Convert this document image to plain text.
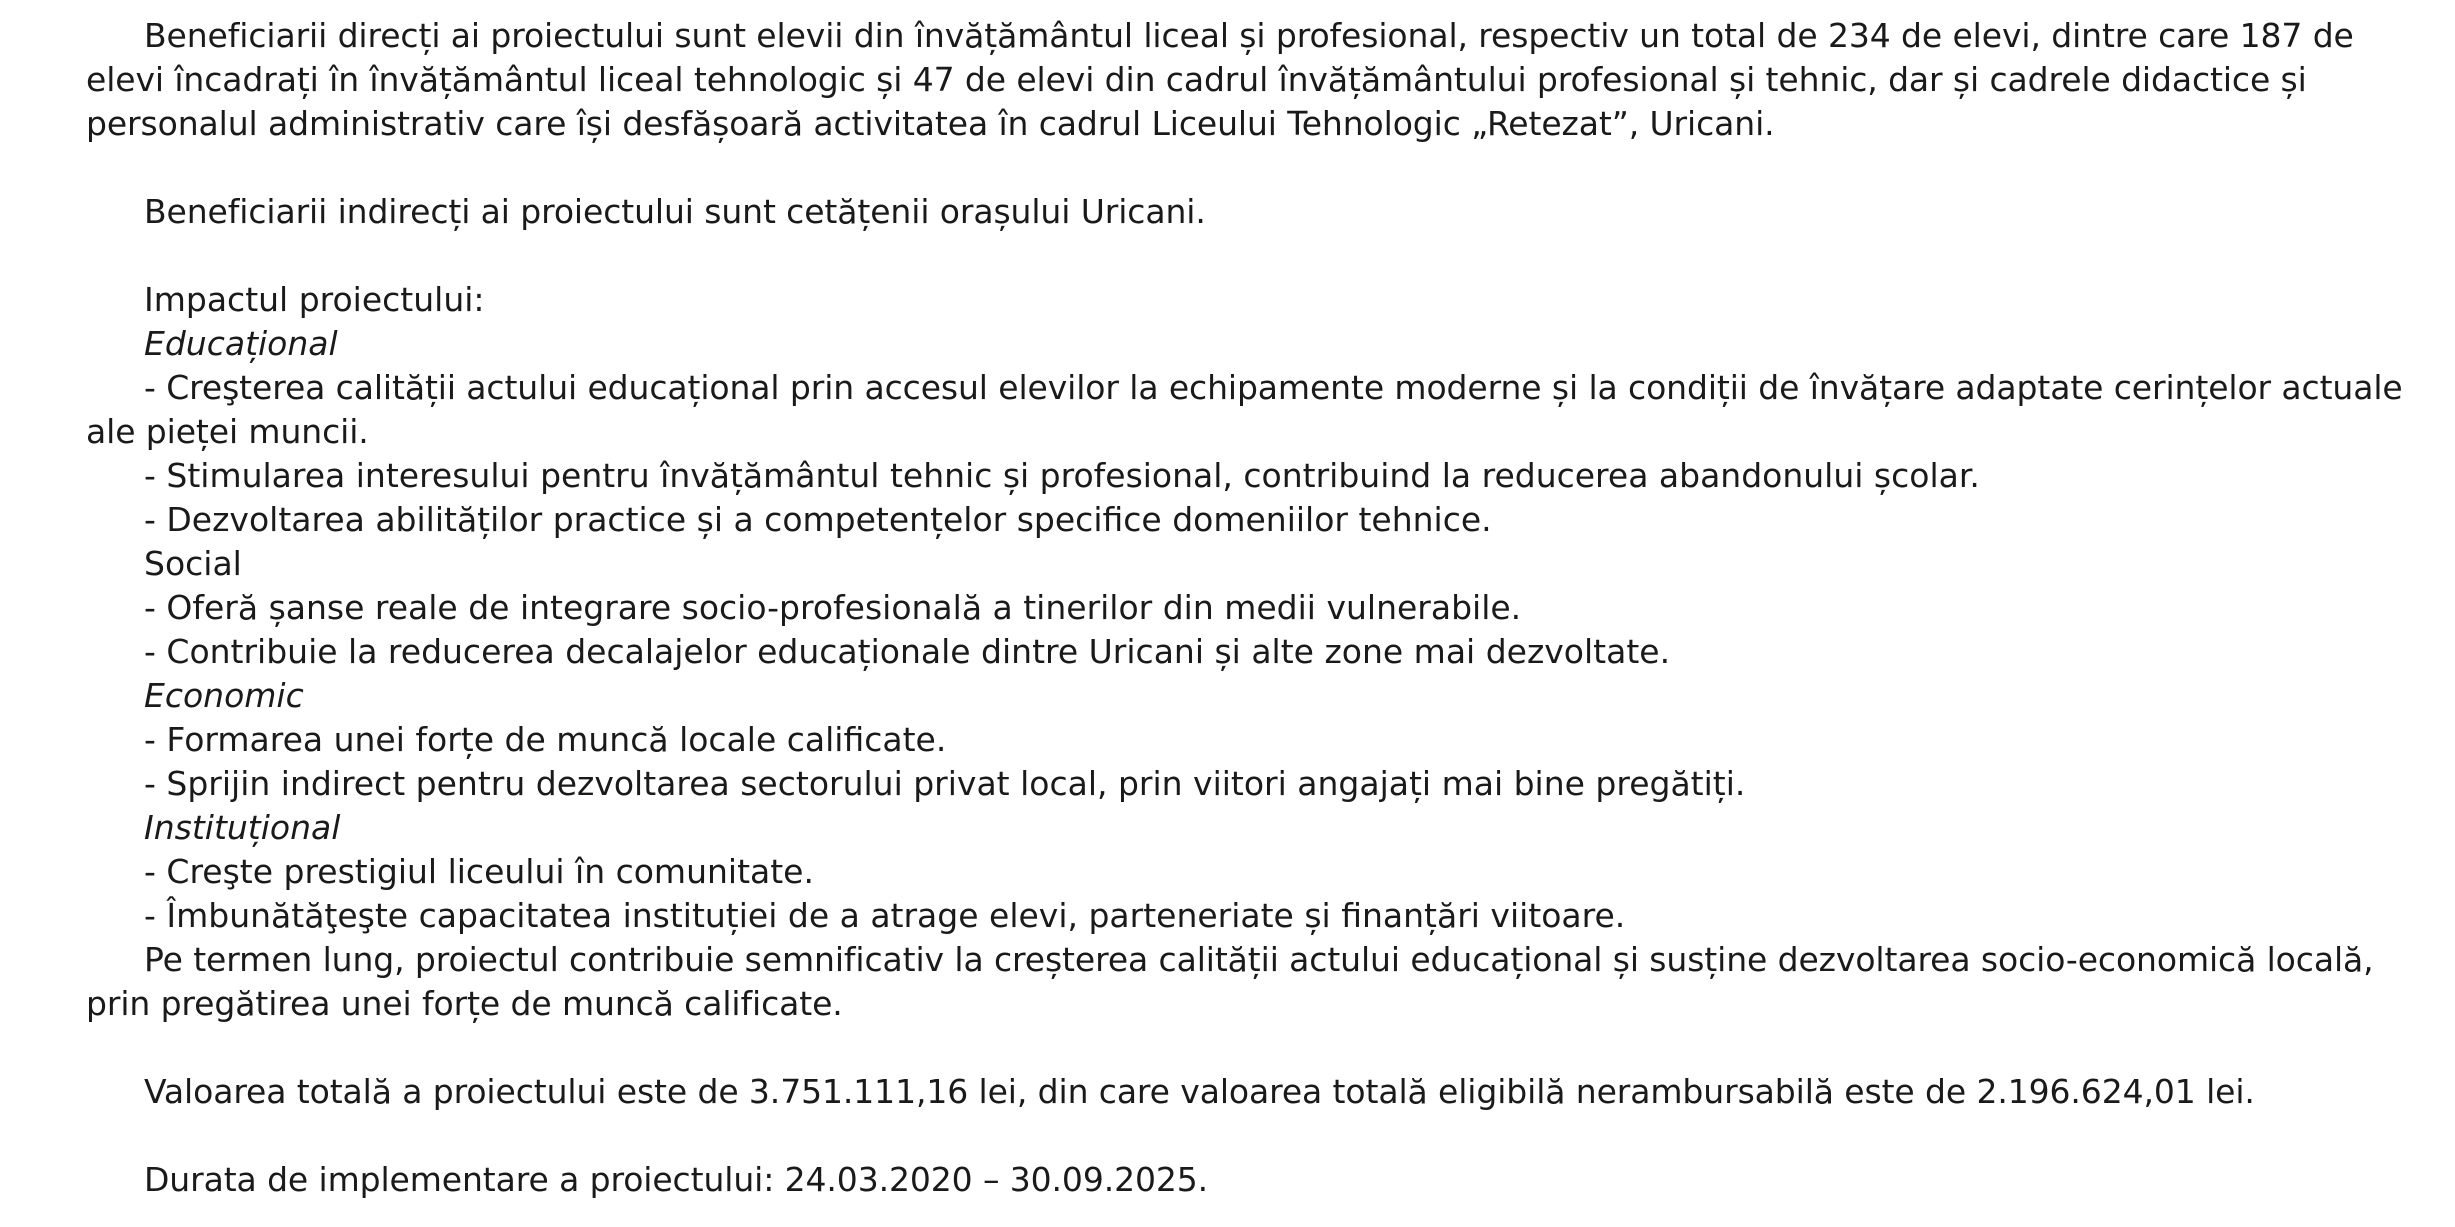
Beneficiarii direcți ai proiectului sunt elevii din învățământul liceal și profesional, respectiv un total de 234 de elevi, dintre care 187 de elevi încadrați în învățământul liceal tehnologic și 47 de elevi din cadrul învățământului profesional și tehnic, dar și cadrele didactice și personalul administrativ care își desfășoară activitatea în cadrul Liceului Tehnologic „Retezat”, Uricani.

Beneficiarii indirecți ai proiectului sunt cetățenii orașului Uricani.

Impactul proiectului:

Educațional

- Creşterea calității actului educațional prin accesul elevilor la echipamente moderne și la condiții de învățare adaptate cerințelor actuale ale pieței muncii.

- Stimularea interesului pentru învățământul tehnic și profesional, contribuind la reducerea abandonului școlar.

- Dezvoltarea abilităților practice și a competențelor specifice domeniilor tehnice.

Social

- Oferă șanse reale de integrare socio-profesională a tinerilor din medii vulnerabile.

- Contribuie la reducerea decalajelor educaționale dintre Uricani și alte zone mai dezvoltate.

Economic

- Formarea unei forțe de muncă locale calificate.

- Sprijin indirect pentru dezvoltarea sectorului privat local, prin viitori angajați mai bine pregătiți.

Instituțional

- Creşte prestigiul liceului în comunitate.

- Îmbunătăţeşte capacitatea instituției de a atrage elevi, parteneriate și finanțări viitoare.

Pe termen lung, proiectul contribuie semnificativ la creșterea calității actului educațional și susține dezvoltarea socio-economică locală, prin pregătirea unei forțe de muncă calificate.

Valoarea totală a proiectului este de 3.751.111,16 lei, din care valoarea totală eligibilă nerambursabilă este de 2.196.624,01 lei.

Durata de implementare a proiectului: 24.03.2020 – 30.09.2025.
